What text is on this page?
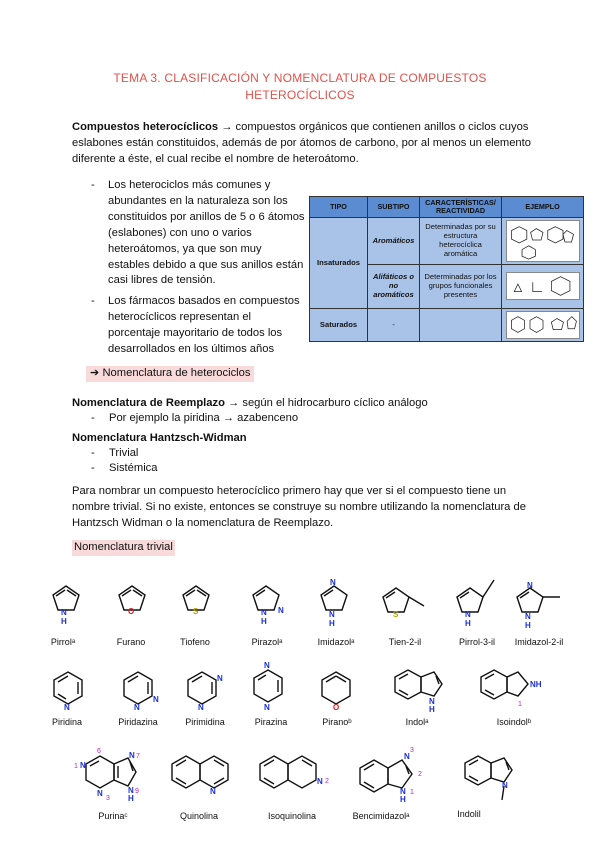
TEMA 3. CLASIFICACIÓN Y NOMENCLATURA DE COMPUESTOS
HETEROCÍCLICOS

Compuestos heterocíclicos → compuestos orgánicos que contienen anillos o ciclos cuyos eslabones están constituidos, además de por átomos de carbono, por al menos un elemento diferente a éste, el cual recibe el nombre de heteroátomo.

- Los heterociclos más comunes y abundantes en la naturaleza son los constituidos por anillos de 5 o 6 átomos (eslabones) con uno o varios heteroátomos, ya que son muy estables debido a que sus anillos están casi libres de tensión.
- Los fármacos basados en compuestos heterocíclicos representan el porcentaje mayoritario de todos los desarrollados en los últimos años
TIPO	SUBTIPO	CARACTERÍSTICAS/ REACTIVIDAD	EJEMPLO
Insaturados	Aromáticos	Determinadas por su estructura heterocíclica aromática	

	Alifáticos o no aromáticos	Determinadas por los grupos funcionales presentes	

Saturados	-		
➔ Nomenclatura de heterociclos
Nomenclatura de Reemplazo → según el hidrocarburo cíclico análogo
- Por ejemplo la piridina → azabenceno
Nomenclatura Hantzsch-Widman
- Trivial
- Sistémica

Para nombrar un compuesto heterocíclico primero hay que ver si el compuesto tiene un nombre trivial. Si no existe, entonces se construye su nombre utilizando la nomenclatura de Hantzsch Widman o la nomenclatura de Reemplazo.

Nomenclatura trivial
N
H
Pirrolᵃ
O
Furano
S
Tiofeno
N
N
H
Pirazolᵃ
N
N
H
Imidazolᵃ
S
Tien-2-il
N
H
Pirrol-3-il
N
N
H
Imidazol-2-il
N
Piridina
N
N
Piridazina
N
N
Pirimidina
N
N
Pirazina
O
Piranoᵇ
N
H
Indolᵃ
NH
1
Isoindolᵇ
6
1 N
N 7
N 9
H
N
3
Purinaᶜ
N
Quinolina
N 2
Isoquinolina
N
3
2
N 1
H
Bencimidazolᵃ
N
Indolil
